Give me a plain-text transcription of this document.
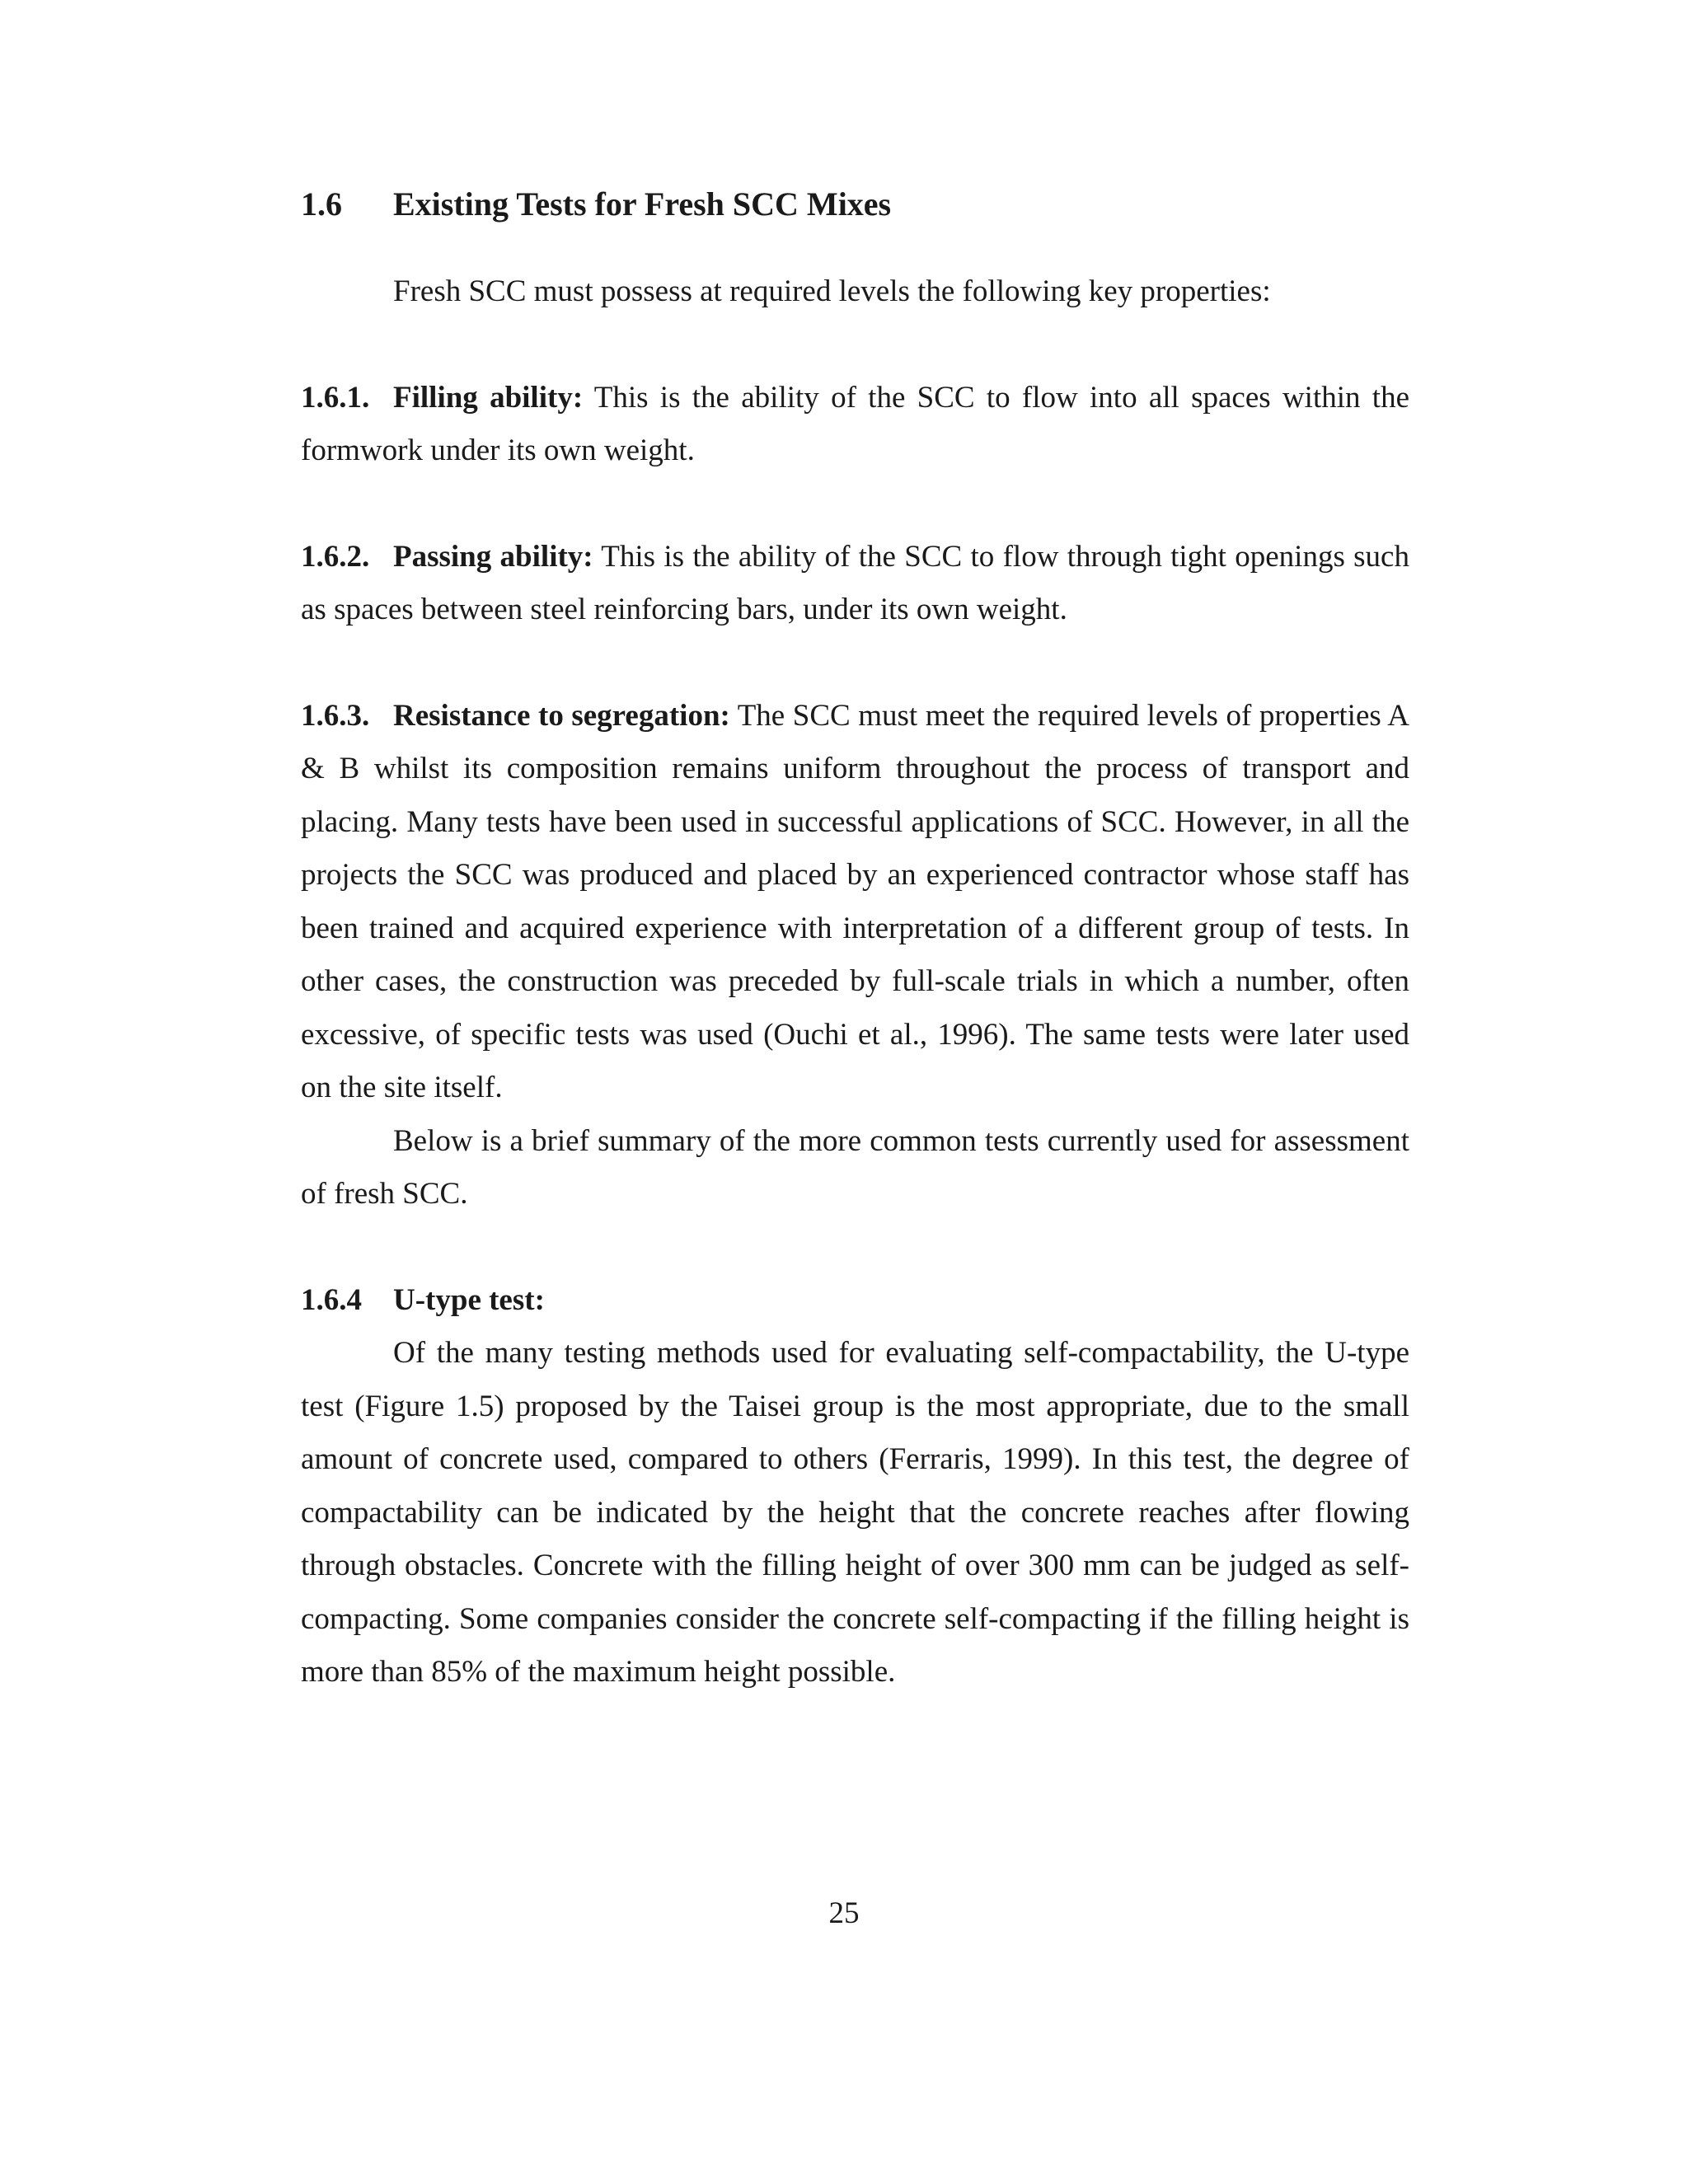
1.6 Existing Tests for Fresh SCC Mixes

Fresh SCC must possess at required levels the following key properties:

1.6.1. Filling ability: This is the ability of the SCC to flow into all spaces within the formwork under its own weight.

1.6.2. Passing ability: This is the ability of the SCC to flow through tight openings such as spaces between steel reinforcing bars, under its own weight.

1.6.3. Resistance to segregation: The SCC must meet the required levels of properties A & B whilst its composition remains uniform throughout the process of transport and placing. Many tests have been used in successful applications of SCC. However, in all the projects the SCC was produced and placed by an experienced contractor whose staff has been trained and acquired experience with interpretation of a different group of tests. In other cases, the construction was preceded by full-scale trials in which a number, often excessive, of specific tests was used (Ouchi et al., 1996). The same tests were later used on the site itself.

Below is a brief summary of the more common tests currently used for assessment of fresh SCC.

1.6.4 U-type test:

Of the many testing methods used for evaluating self-compactability, the U-type test (Figure 1.5) proposed by the Taisei group is the most appropriate, due to the small amount of concrete used, compared to others (Ferraris, 1999). In this test, the degree of compactability can be indicated by the height that the concrete reaches after flowing through obstacles. Concrete with the filling height of over 300 mm can be judged as self-compacting. Some companies consider the concrete self-compacting if the filling height is more than 85% of the maximum height possible.

25
